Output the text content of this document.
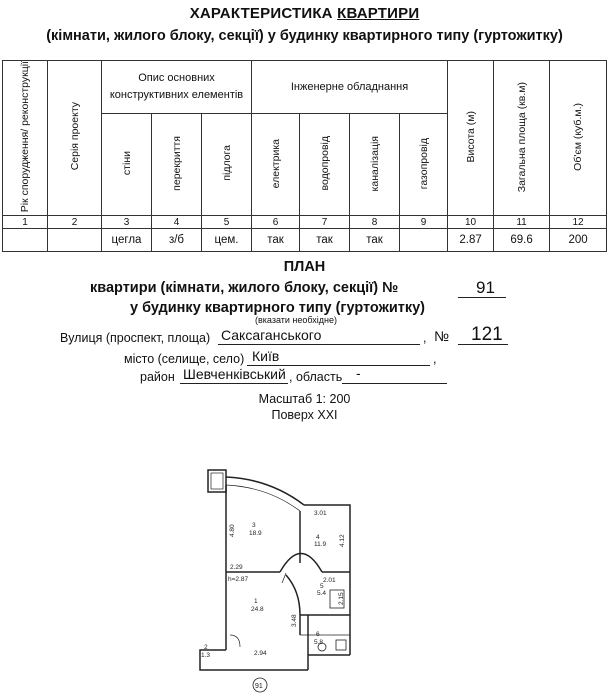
ХАРАКТЕРИСТИКА КВАРТИРИ
(кімнати, жилого блоку, секції) у будинку квартирного типу (гуртожитку)
Рік спорудження/ реконструкції	Серія проекту	Опис основних конструктивних елементів			Інженерне обладнання				Висота (м)	Загальна площа (кв.м)	Об'єм (куб.м.)
		стіни	перекриття	підлога	електрика	водопровід	каналізація	газопровід			
1	2	3	4	5	6	7	8	9	10	11	12
		цегла	з/б	цем.	так	так	так		2.87	69.6	200
ПЛАН
квартири (кімнати, жилого блоку, секції) №	91
у будинку квартирного типу (гуртожитку)
(вказати необхідне)
Вулиця (проспект, площа) Саксаганського	, № 121
місто (селище, село) Київ	,
район Шевченківський , область -
Масштаб 1: 200
Поверх XXI
3
18.9
4
11.9
1
24.8
5
5.4
6
5.8
2
1.3
4.80
3.01
4.12
2.29
h=2.87	2.01
2.15
3.48
2.94
91
